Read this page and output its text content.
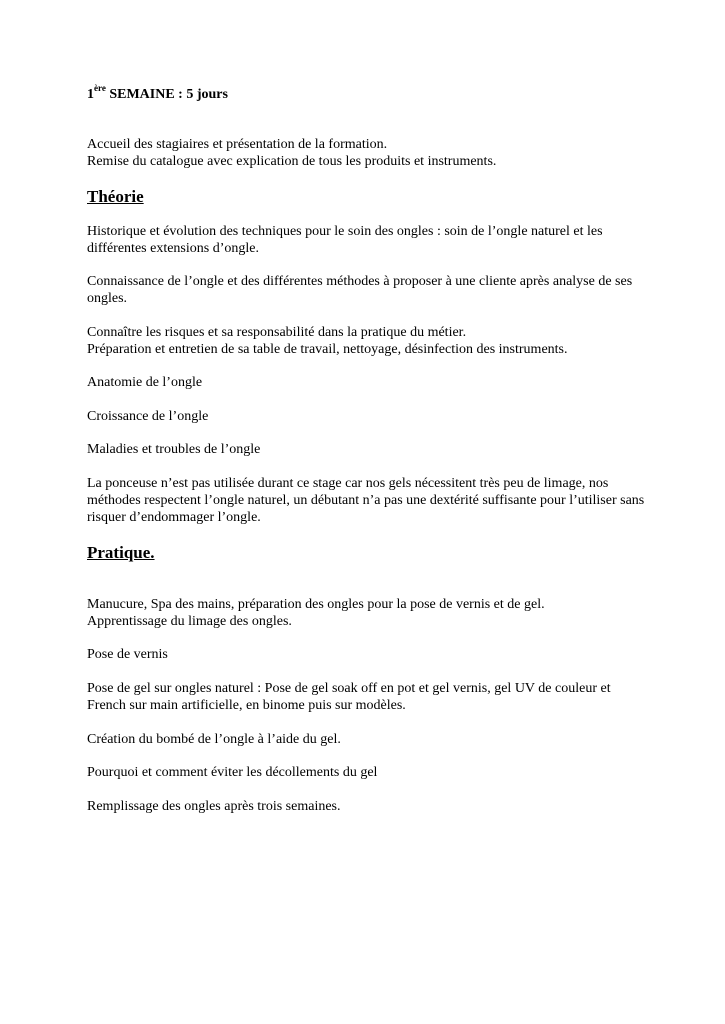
1ère SEMAINE : 5 jours
Accueil des stagiaires et présentation de la formation.
Remise du catalogue avec explication de tous les produits et instruments.
Théorie
Historique et évolution des techniques pour le soin des ongles : soin de l’ongle naturel et les différentes extensions d’ongle.
Connaissance de l’ongle et des différentes méthodes à proposer à une cliente après analyse de ses ongles.
Connaître les risques et sa responsabilité dans la pratique du métier.
Préparation et entretien de sa table de travail, nettoyage, désinfection des instruments.
Anatomie de l’ongle
Croissance de l’ongle
Maladies et troubles de l’ongle
La ponceuse n’est pas utilisée durant ce stage car nos gels nécessitent très peu de limage, nos méthodes respectent l’ongle naturel, un débutant n’a pas une dextérité suffisante pour l’utiliser sans risquer d’endommager l’ongle.
Pratique.
Manucure, Spa des mains, préparation des ongles pour la pose de vernis et de gel.
Apprentissage du limage des ongles.
Pose de vernis
Pose de gel sur ongles naturel : Pose de gel soak off en pot et gel vernis, gel UV de couleur et French sur main artificielle, en binome puis sur modèles.
Création du bombé de l’ongle à l’aide du gel.
Pourquoi et comment éviter les décollements du gel
Remplissage des ongles après trois semaines.
